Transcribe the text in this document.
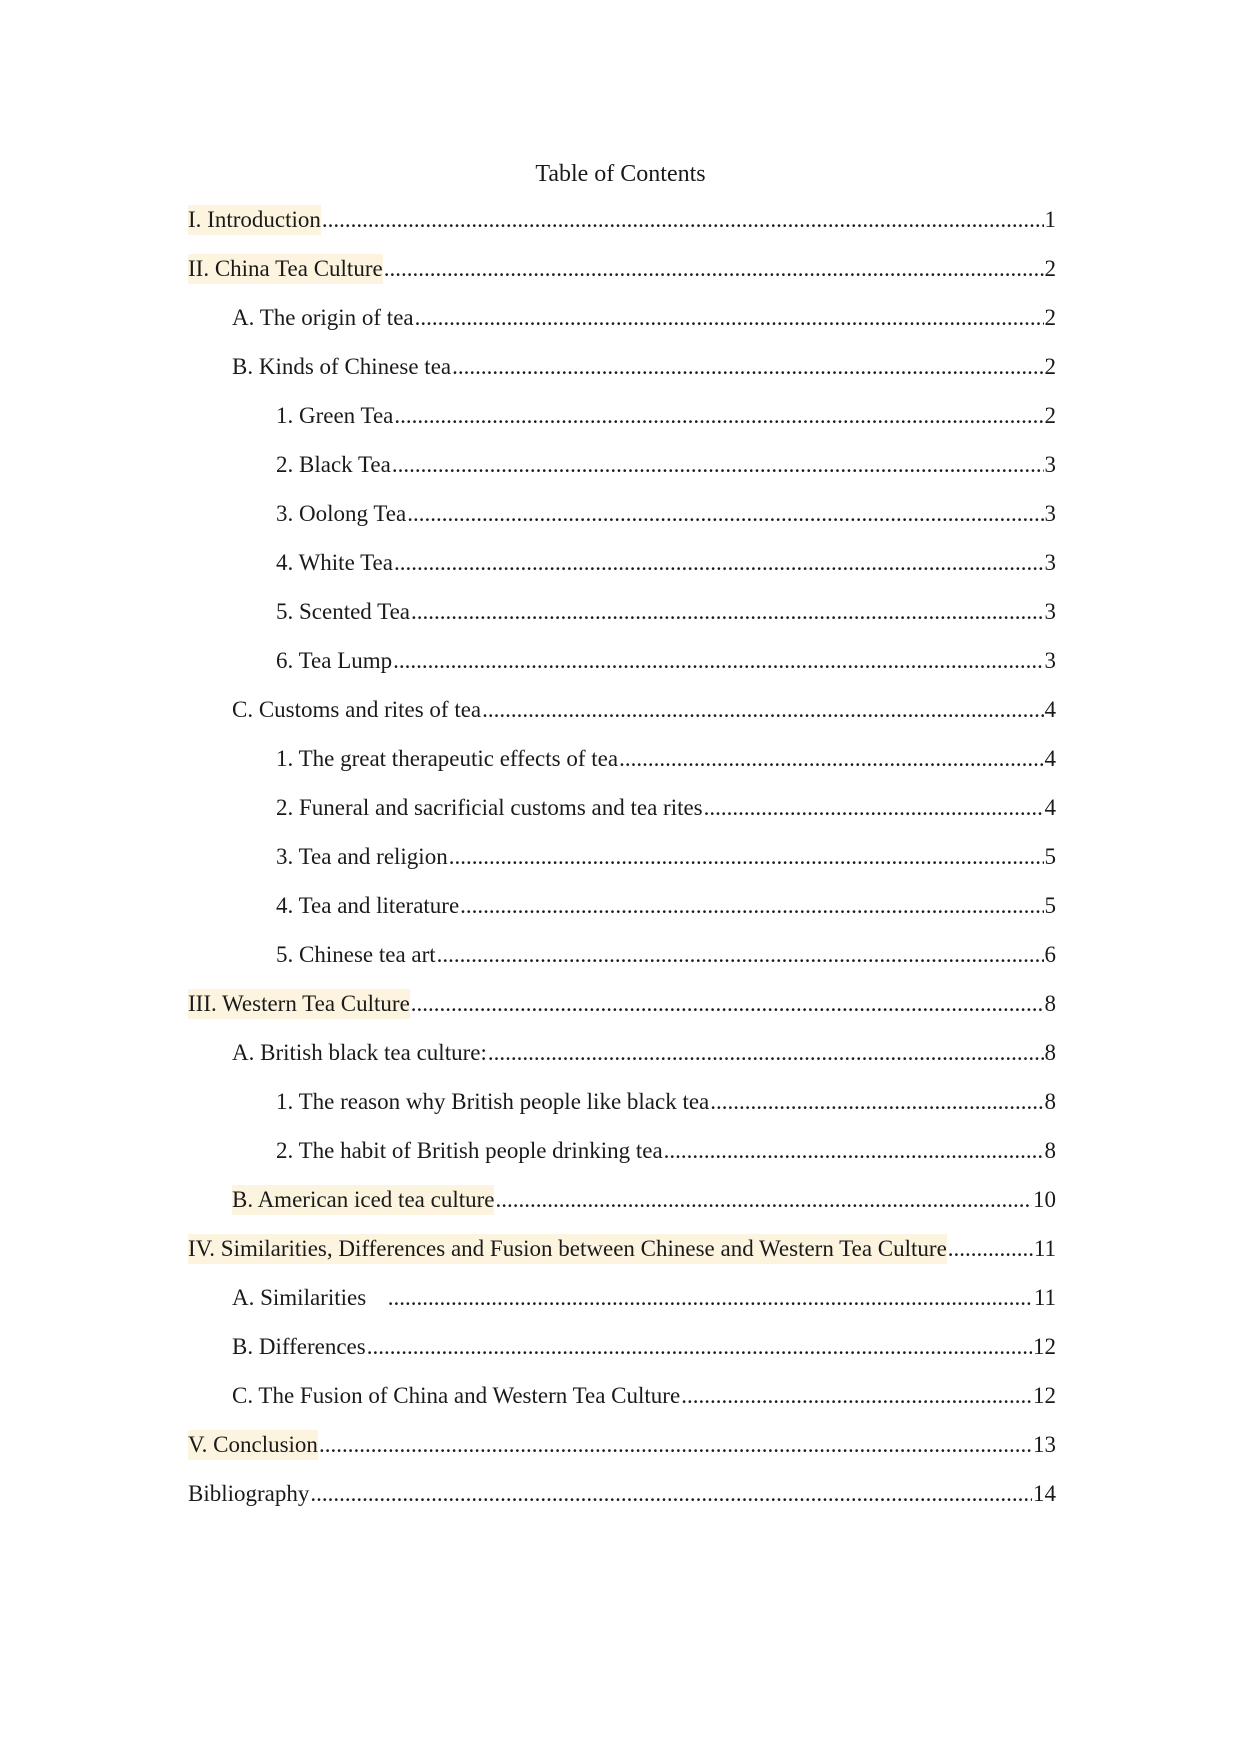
Table of Contents
I. Introduction .....	1
II. China Tea Culture .....	2
A. The origin of tea .....	2
B. Kinds of Chinese tea .....	2
1. Green Tea .....	2
2. Black Tea .....	3
3. Oolong Tea .....	3
4. White Tea .....	3
5. Scented Tea .....	3
6. Tea Lump .....	3
C. Customs and rites of tea .....	4
1. The great therapeutic effects of tea .....	4
2. Funeral and sacrificial customs and tea rites .....	4
3. Tea and religion .....	5
4. Tea and literature .....	5
5. Chinese tea art .....	6
III. Western Tea Culture .....	8
A. British black tea culture: .....	8
1. The reason why British people like black tea .....	8
2. The habit of British people drinking tea .....	8
B. American iced tea culture .....	10
IV. Similarities, Differences and Fusion between Chinese and Western Tea Culture .....	11
A. Similarities .....	11
B. Differences .....	12
C. The Fusion of China and Western Tea Culture .....	12
V. Conclusion .....	13
Bibliography .....	14
